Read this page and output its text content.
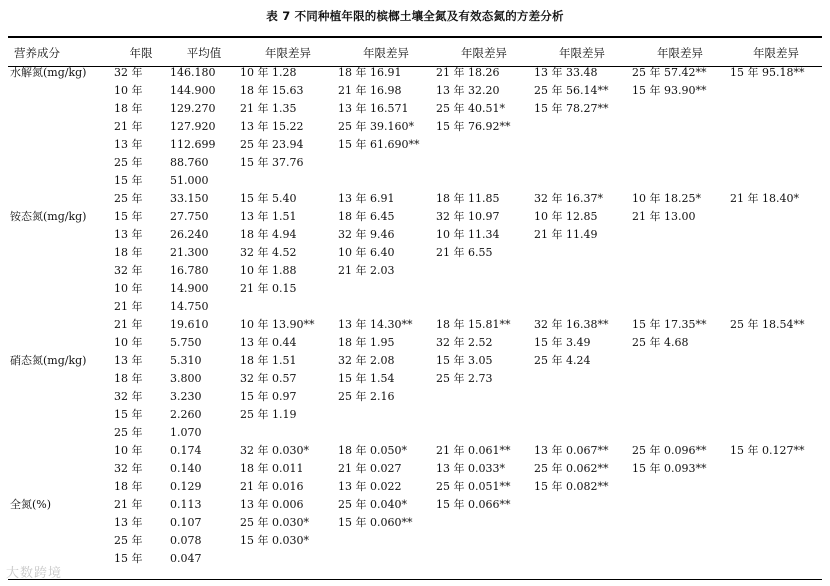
表 7 不同种植年限的槟榔土壤全氮及有效态氮的方差分析
营养成分	年限	平均值	年限差异	年限差异	年限差异	年限差异	年限差异	年限差异
水解氮(mg/kg)	32 年	146.180	10 年 1.28	18 年 16.91	21 年 18.26	13 年 33.48	25 年 57.42**	15 年 95.18**
	10 年	144.900	18 年 15.63	21 年 16.98	13 年 32.20	25 年 56.14**	15 年 93.90**	
	18 年	129.270	21 年 1.35	13 年 16.571	25 年 40.51*	15 年 78.27**		
	21 年	127.920	13 年 15.22	25 年 39.160*	15 年 76.92**			
	13 年	112.699	25 年 23.94	15 年 61.690**				
	25 年	88.760	15 年 37.76					
	15 年	51.000						
	25 年	33.150	15 年 5.40	13 年 6.91	18 年 11.85	32 年 16.37*	10 年 18.25*	21 年 18.40*
铵态氮(mg/kg)	15 年	27.750	13 年 1.51	18 年 6.45	32 年 10.97	10 年 12.85	21 年 13.00	
	13 年	26.240	18 年 4.94	32 年 9.46	10 年 11.34	21 年 11.49		
	18 年	21.300	32 年 4.52	10 年 6.40	21 年 6.55			
	32 年	16.780	10 年 1.88	21 年 2.03				
	10 年	14.900	21 年 0.15					
	21 年	14.750						
	21 年	19.610	10 年 13.90**	13 年 14.30**	18 年 15.81**	32 年 16.38**	15 年 17.35**	25 年 18.54**
	10 年	5.750	13 年 0.44	18 年 1.95	32 年 2.52	15 年 3.49	25 年 4.68	
硝态氮(mg/kg)	13 年	5.310	18 年 1.51	32 年 2.08	15 年 3.05	25 年 4.24		
	18 年	3.800	32 年 0.57	15 年 1.54	25 年 2.73			
	32 年	3.230	15 年 0.97	25 年 2.16				
	15 年	2.260	25 年 1.19					
	25 年	1.070						
	10 年	0.174	32 年 0.030*	18 年 0.050*	21 年 0.061**	13 年 0.067**	25 年 0.096**	15 年 0.127**
	32 年	0.140	18 年 0.011	21 年 0.027	13 年 0.033*	25 年 0.062**	15 年 0.093**	
	18 年	0.129	21 年 0.016	13 年 0.022	25 年 0.051**	15 年 0.082**		
全氮(%)	21 年	0.113	13 年 0.006	25 年 0.040*	15 年 0.066**			
	13 年	0.107	25 年 0.030*	15 年 0.060**				
	25 年	0.078	15 年 0.030*					
	15 年	0.047						
大数跨境
